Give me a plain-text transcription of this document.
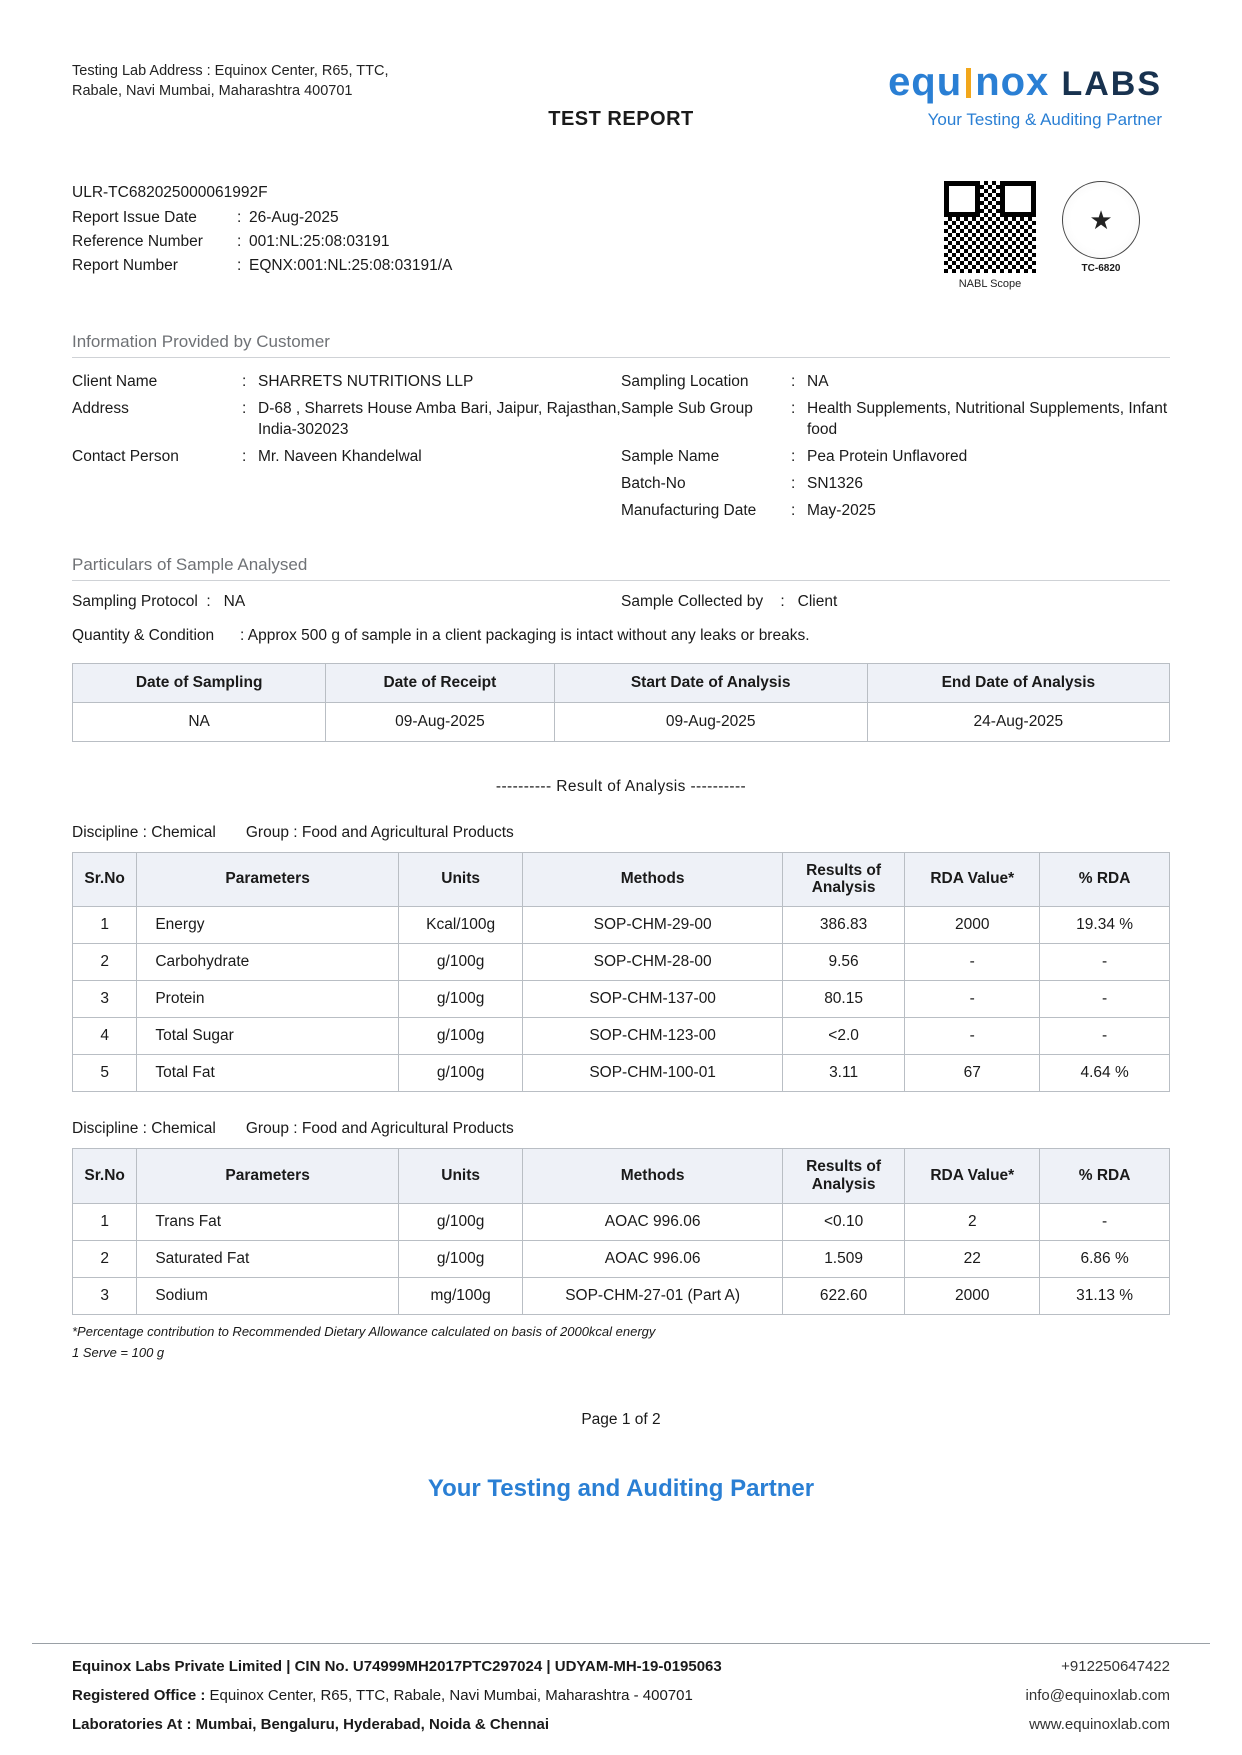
Testing Lab Address : Equinox Center, R65, TTC, Rabale, Navi Mumbai, Maharashtra 400701	equ nox LABS
Your Testing & Auditing Partner
TEST REPORT
ULR-TC682025000061992F
Report Issue Date	:	26-Aug-2025
Reference Number	:	001:NL:25:08:03191
Report Number	:	EQNX:001:NL:25:08:03191/A
NABL Scope
★
TC-6820
Information Provided by Customer
Client Name	:	SHARRETS NUTRITIONS LLP
Address	:	D-68 , Sharrets House Amba Bari, Jaipur, Rajasthan, India-302023
Contact Person	:	Mr. Naveen Khandelwal
Sampling Location	:	NA
Sample Sub Group	:	Health Supplements, Nutritional Supplements, Infant food
Sample Name	:	Pea Protein Unflavored
Batch-No	:	SN1326
Manufacturing Date	:	May-2025
Particulars of Sample Analysed
Sampling Protocol  :   NA	Sample Collected by    :   Client
Quantity & Condition : Approx 500 g of sample in a client packaging is intact without any leaks or breaks.
Date of Sampling	Date of Receipt	Start Date of Analysis	End Date of Analysis
NA	09-Aug-2025	09-Aug-2025	24-Aug-2025
---------- Result of Analysis ----------
Discipline : Chemical Group : Food and Agricultural Products
Sr.No	Parameters	Units	Methods	Results of Analysis	RDA Value*	% RDA
1	Energy	Kcal/100g	SOP-CHM-29-00	386.83	2000	19.34 %
2	Carbohydrate	g/100g	SOP-CHM-28-00	9.56	-	-
3	Protein	g/100g	SOP-CHM-137-00	80.15	-	-
4	Total Sugar	g/100g	SOP-CHM-123-00	<2.0	-	-
5	Total Fat	g/100g	SOP-CHM-100-01	3.11	67	4.64 %
Discipline : Chemical Group : Food and Agricultural Products
Sr.No	Parameters	Units	Methods	Results of Analysis	RDA Value*	% RDA
1	Trans Fat	g/100g	AOAC 996.06	<0.10	2	-
2	Saturated Fat	g/100g	AOAC 996.06	1.509	22	6.86 %
3	Sodium	mg/100g	SOP-CHM-27-01 (Part A)	622.60	2000	31.13 %
*Percentage contribution to Recommended Dietary Allowance calculated on basis of 2000kcal energy
1 Serve = 100 g
Page 1 of 2
Your Testing and Auditing Partner
Equinox Labs Private Limited | CIN No. U74999MH2017PTC297024 | UDYAM-MH-19-0195063	+912250647422
Registered Office : Equinox Center, R65, TTC, Rabale, Navi Mumbai, Maharashtra - 400701	info@equinoxlab.com
Laboratories At : Mumbai, Bengaluru, Hyderabad, Noida & Chennai	www.equinoxlab.com
